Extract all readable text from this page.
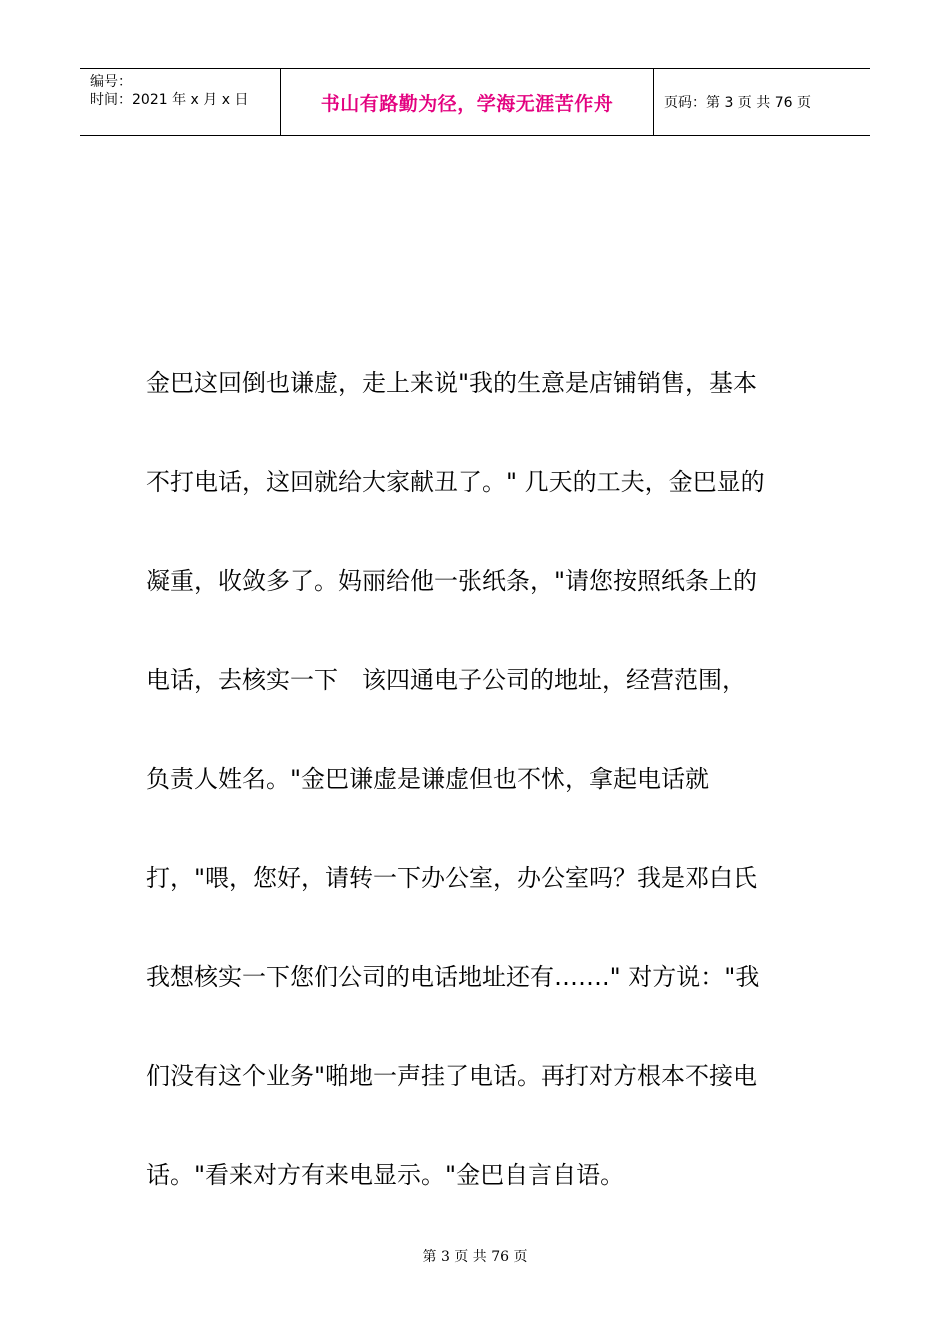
编号：
时间：2021 年 x 月 x 日	书山有路勤为径，学海无涯苦作舟	页码：第 3 页 共 76 页
金巴这回倒也谦虚，走上来说"我的生意是店铺销售，基本
不打电话，这回就给大家献丑了。" 几天的工夫，金巴显的
凝重，收敛多了。妈丽给他一张纸条，"请您按照纸条上的
电话，去核实一下　该四通电子公司的地址，经营范围，
负责人姓名。"金巴谦虚是谦虚但也不怵，拿起电话就
打，"喂，您好，请转一下办公室，办公室吗？我是邓白氏
我想核实一下您们公司的电话地址还有……." 对方说："我
们没有这个业务"啪地一声挂了电话。再打对方根本不接电
话。"看来对方有来电显示。"金巴自言自语。
第 3 页 共 76 页
